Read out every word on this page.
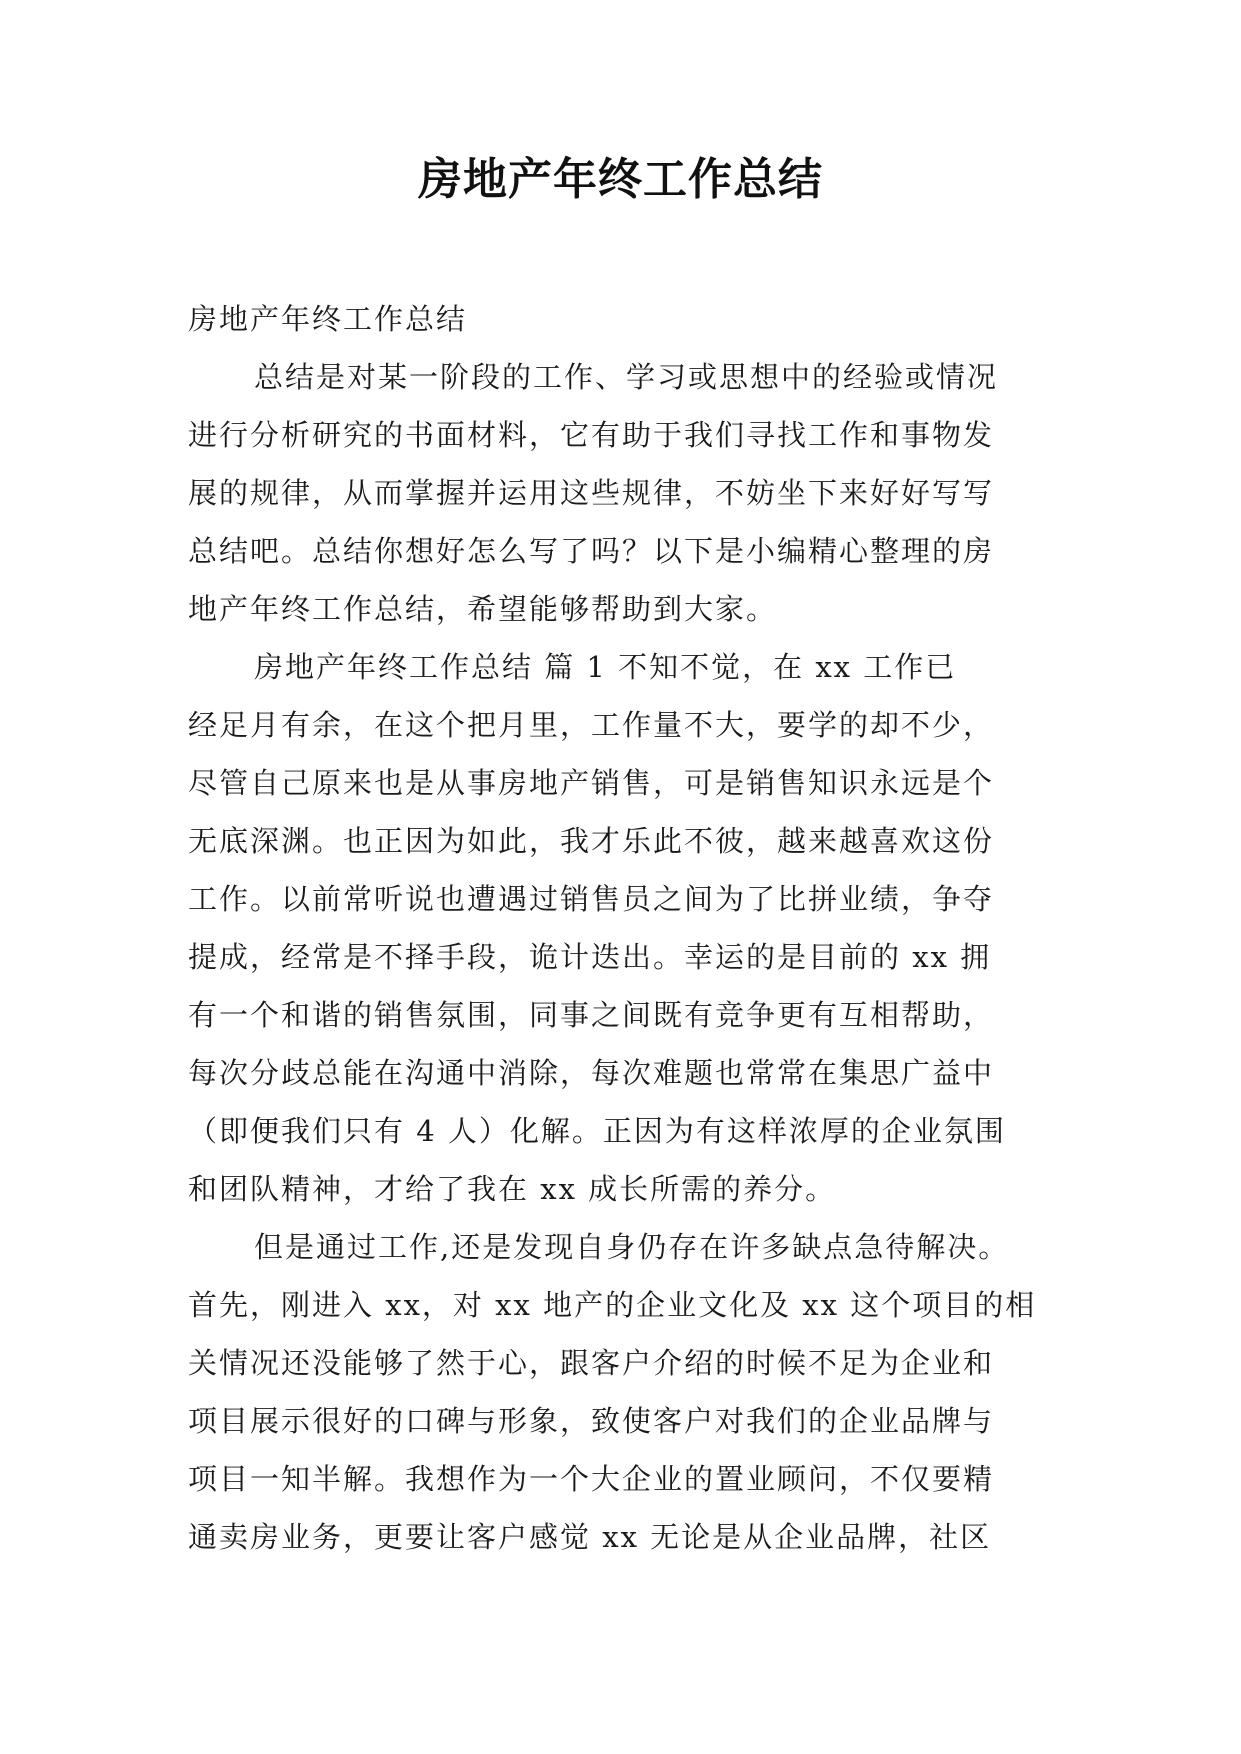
房地产年终工作总结
房地产年终工作总结
总结是对某一阶段的工作、学习或思想中的经验或情况
进行分析研究的书面材料，它有助于我们寻找工作和事物发
展的规律，从而掌握并运用这些规律，不妨坐下来好好写写
总结吧。总结你想好怎么写了吗？以下是小编精心整理的房
地产年终工作总结，希望能够帮助到大家。
房地产年终工作总结 篇 1 不知不觉，在 xx 工作已
经足月有余，在这个把月里，工作量不大，要学的却不少，
尽管自己原来也是从事房地产销售，可是销售知识永远是个
无底深渊。也正因为如此，我才乐此不彼，越来越喜欢这份
工作。以前常听说也遭遇过销售员之间为了比拼业绩，争夺
提成，经常是不择手段，诡计迭出。幸运的是目前的 xx 拥
有一个和谐的销售氛围，同事之间既有竞争更有互相帮助，
每次分歧总能在沟通中消除，每次难题也常常在集思广益中
（即便我们只有 4 人）化解。正因为有这样浓厚的企业氛围
和团队精神，才给了我在 xx 成长所需的养分。
但是通过工作,还是发现自身仍存在许多缺点急待解决。
首先，刚进入 xx，对 xx 地产的企业文化及 xx 这个项目的相
关情况还没能够了然于心，跟客户介绍的时候不足为企业和
项目展示很好的口碑与形象，致使客户对我们的企业品牌与
项目一知半解。我想作为一个大企业的置业顾问，不仅要精
通卖房业务，更要让客户感觉 xx 无论是从企业品牌，社区
